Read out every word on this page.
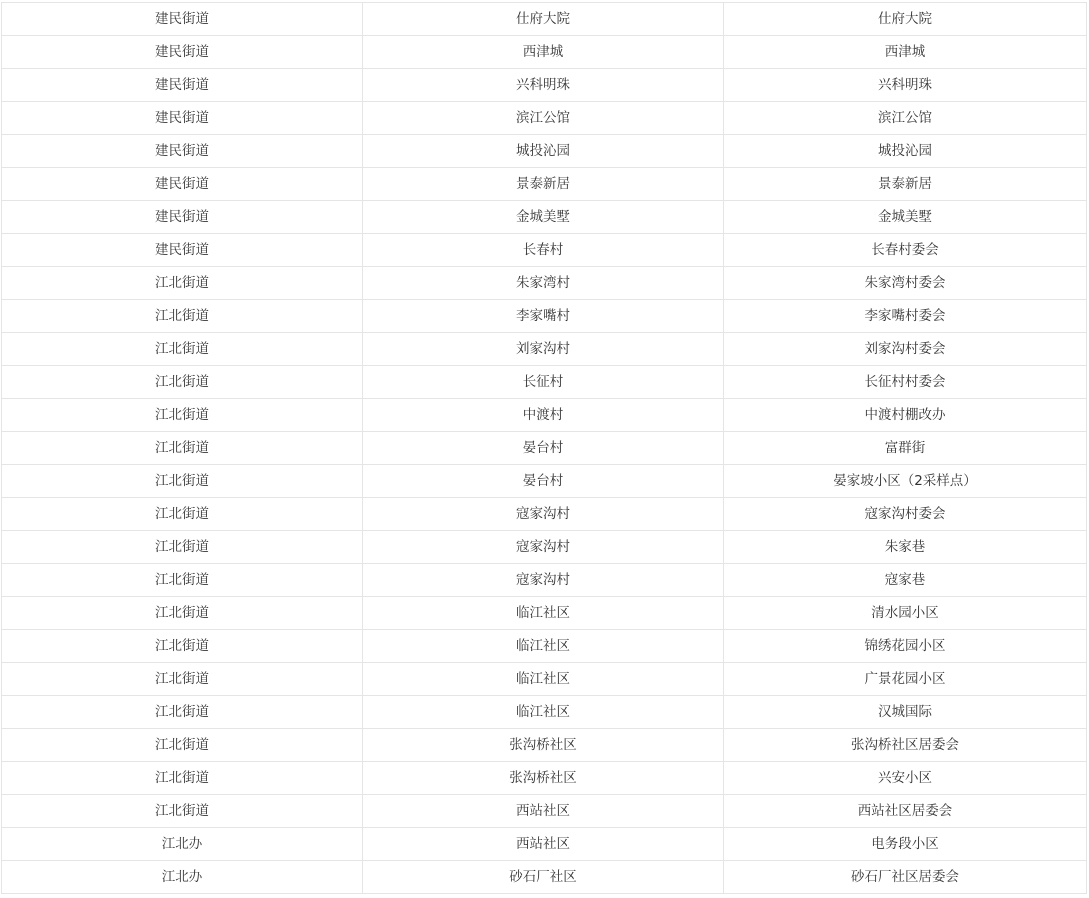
建民街道	仕府大院	仕府大院
建民街道	西津城	西津城
建民街道	兴科明珠	兴科明珠
建民街道	滨江公馆	滨江公馆
建民街道	城投沁园	城投沁园
建民街道	景泰新居	景泰新居
建民街道	金城美墅	金城美墅
建民街道	长春村	长春村委会
江北街道	朱家湾村	朱家湾村委会
江北街道	李家嘴村	李家嘴村委会
江北街道	刘家沟村	刘家沟村委会
江北街道	长征村	长征村村委会
江北街道	中渡村	中渡村棚改办
江北街道	晏台村	富群街
江北街道	晏台村	晏家坡小区（2采样点）
江北街道	寇家沟村	寇家沟村委会
江北街道	寇家沟村	朱家巷
江北街道	寇家沟村	寇家巷
江北街道	临江社区	清水园小区
江北街道	临江社区	锦绣花园小区
江北街道	临江社区	广景花园小区
江北街道	临江社区	汉城国际
江北街道	张沟桥社区	张沟桥社区居委会
江北街道	张沟桥社区	兴安小区
江北街道	西站社区	西站社区居委会
江北办	西站社区	电务段小区
江北办	砂石厂社区	砂石厂社区居委会
